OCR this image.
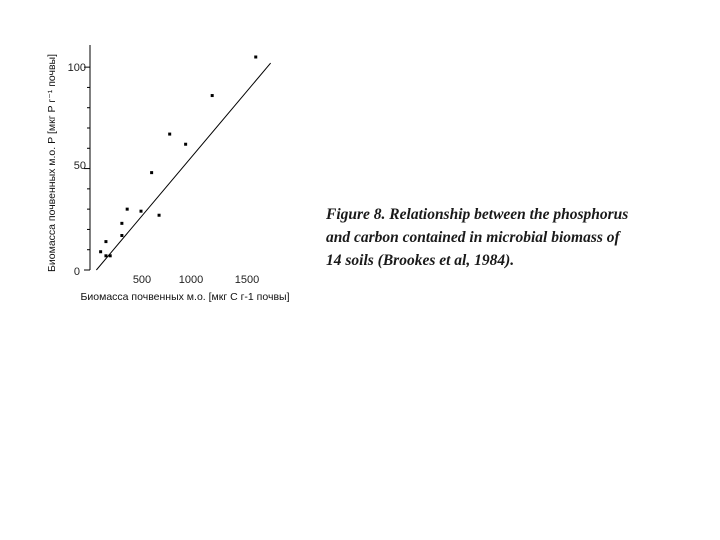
0
50
100
500	1000	1500
Биомасса почвенных м.о. [мкг С г-1 почвы]
Биомасса почвенных м.о. Р [мкг Р г⁻¹ почвы]	Figure 8. Relationship between the phosphorus
and carbon contained in microbial biomass of
14 soils (Brookes et al, 1984).
